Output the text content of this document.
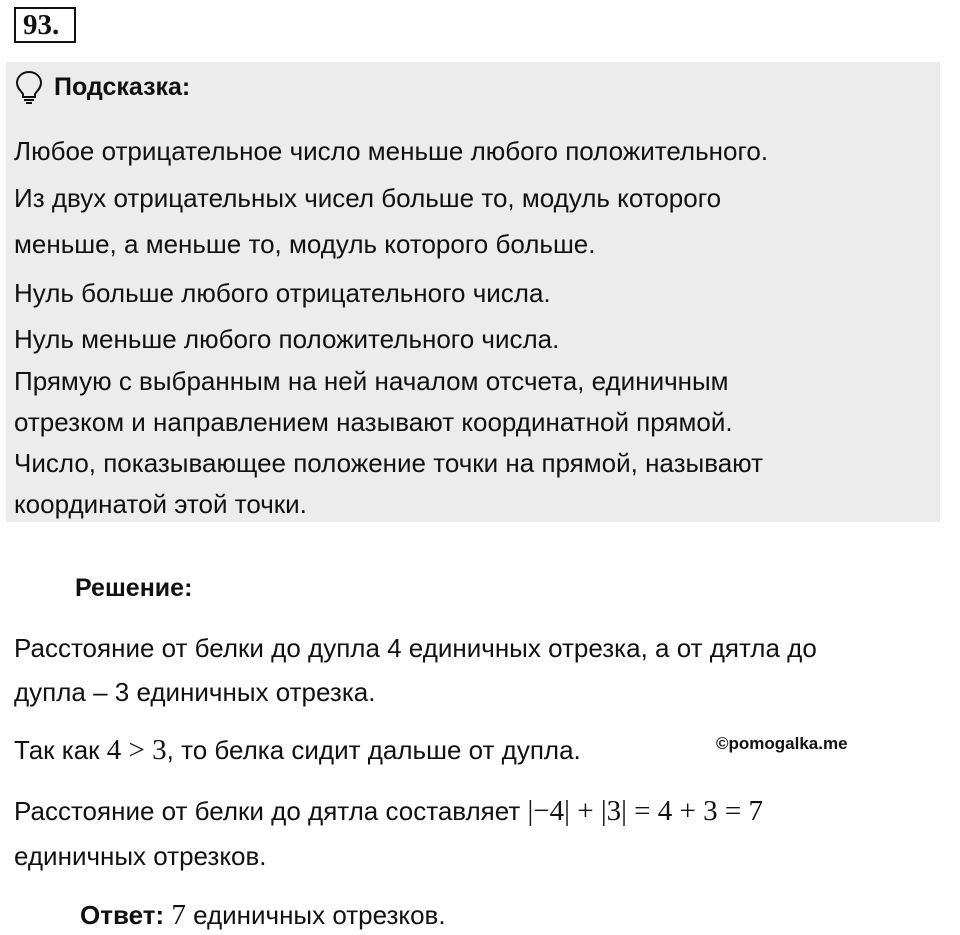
93.
Подсказка:
Любое отрицательное число меньше любого положительного.
Из двух отрицательных чисел больше то, модуль которого
меньше, а меньше то, модуль которого больше.
Нуль больше любого отрицательного числа.
Нуль меньше любого положительного числа.
Прямую с выбранным на ней началом отсчета, единичным
отрезком и направлением называют координатной прямой.
Число, показывающее положение точки на прямой, называют
координатой этой точки.
Решение:
Расстояние от белки до дупла 4 единичных отрезка, а от дятла до
дупла – 3 единичных отрезка.
Так как 4 > 3, то белка сидит дальше от дупла.	©pomogalka.me
Расстояние от белки до дятла составляет |−4| + |3| = 4 + 3 = 7
единичных отрезков.
Ответ: 7 единичных отрезков.
